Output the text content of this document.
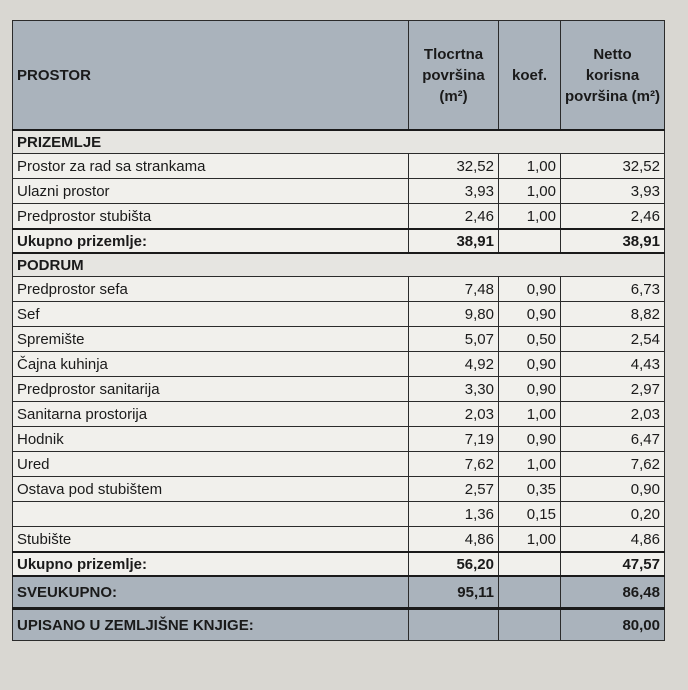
PROSTOR	Tlocrtna površina (m²)	koef.	Netto korisna površina (m²)
PRIZEMLJE			
Prostor za rad sa strankama	32,52	1,00	32,52
Ulazni prostor	3,93	1,00	3,93
Predprostor stubišta	2,46	1,00	2,46
Ukupno prizemlje:	38,91		38,91
PODRUM			
Predprostor sefa	7,48	0,90	6,73
Sef	9,80	0,90	8,82
Spremište	5,07	0,50	2,54
Čajna kuhinja	4,92	0,90	4,43
Predprostor sanitarija	3,30	0,90	2,97
Sanitarna prostorija	2,03	1,00	2,03
Hodnik	7,19	0,90	6,47
Ured	7,62	1,00	7,62
Ostava pod stubištem	2,57	0,35	0,90
	1,36	0,15	0,20
Stubište	4,86	1,00	4,86
Ukupno prizemlje:	56,20		47,57
SVEUKUPNO:	95,11		86,48
UPISANO U ZEMLJIŠNE KNJIGE:			80,00
